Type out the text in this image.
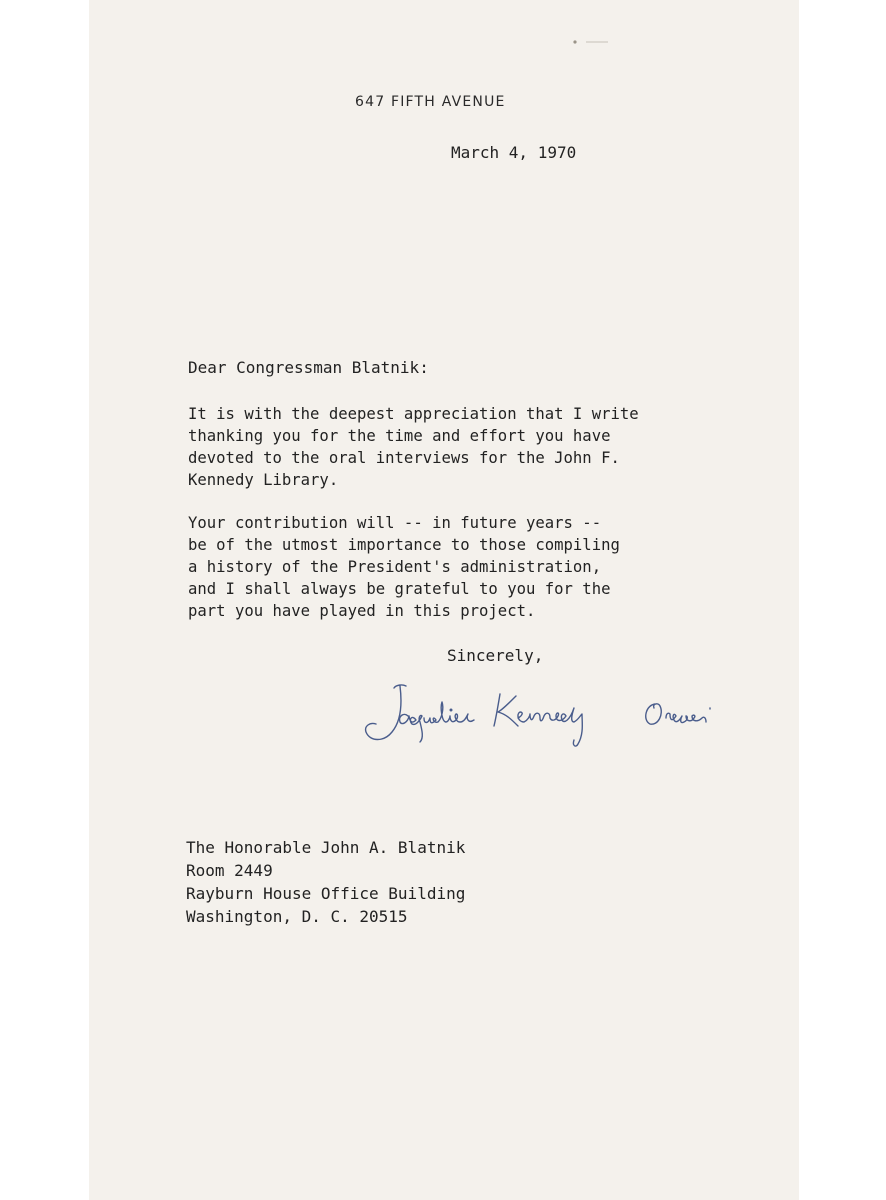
647 FIFTH AVENUE
March 4, 1970
Dear Congressman Blatnik:

It is with the deepest appreciation that I write
thanking you for the time and effort you have
devoted to the oral interviews for the John F.
Kennedy Library.

Your contribution will -- in future years --
be of the utmost importance to those compiling
a history of the President's administration,
and I shall always be grateful to you for the
part you have played in this project.

Sincerely,
The Honorable John A. Blatnik
Room 2449
Rayburn House Office Building
Washington, D. C. 20515
